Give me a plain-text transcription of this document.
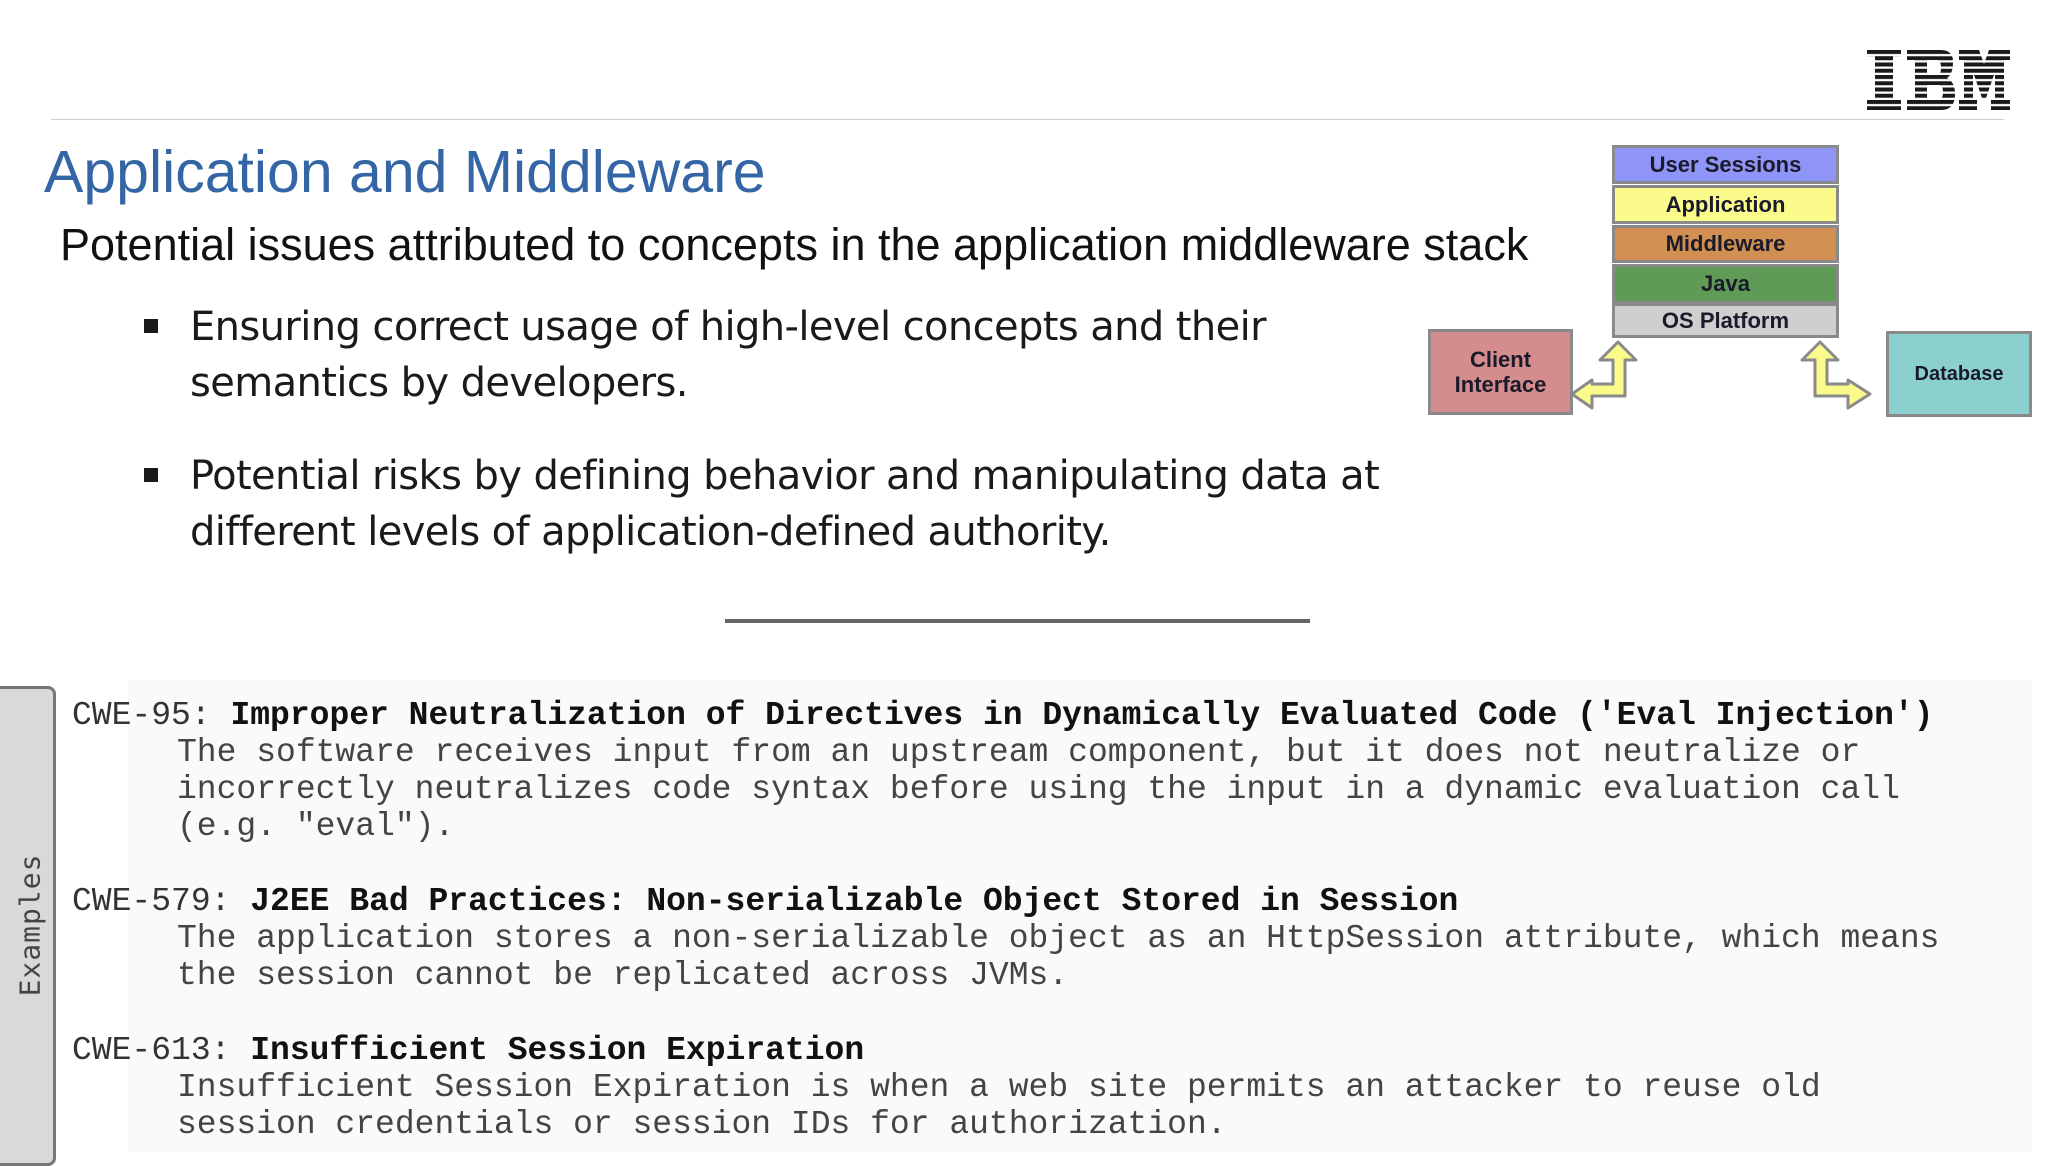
Application and Middleware
Potential issues attributed to concepts in the application middleware stack
Ensuring correct usage of high-level concepts and their
semantics by developers.
Potential risks by defining behavior and manipulating data at
different levels of application-defined authority.
User Sessions
Application
Middleware
Java
OS Platform
Client
Interface	Database
Examples
CWE-95: Improper Neutralization of Directives in Dynamically Evaluated Code ('Eval Injection')
The software receives input from an upstream component, but it does not neutralize or
incorrectly neutralizes code syntax before using the input in a dynamic evaluation call
(e.g. "eval").
CWE-579: J2EE Bad Practices: Non-serializable Object Stored in Session
The application stores a non-serializable object as an HttpSession attribute, which means
the session cannot be replicated across JVMs.
CWE-613: Insufficient Session Expiration
Insufficient Session Expiration is when a web site permits an attacker to reuse old
session credentials or session IDs for authorization.
